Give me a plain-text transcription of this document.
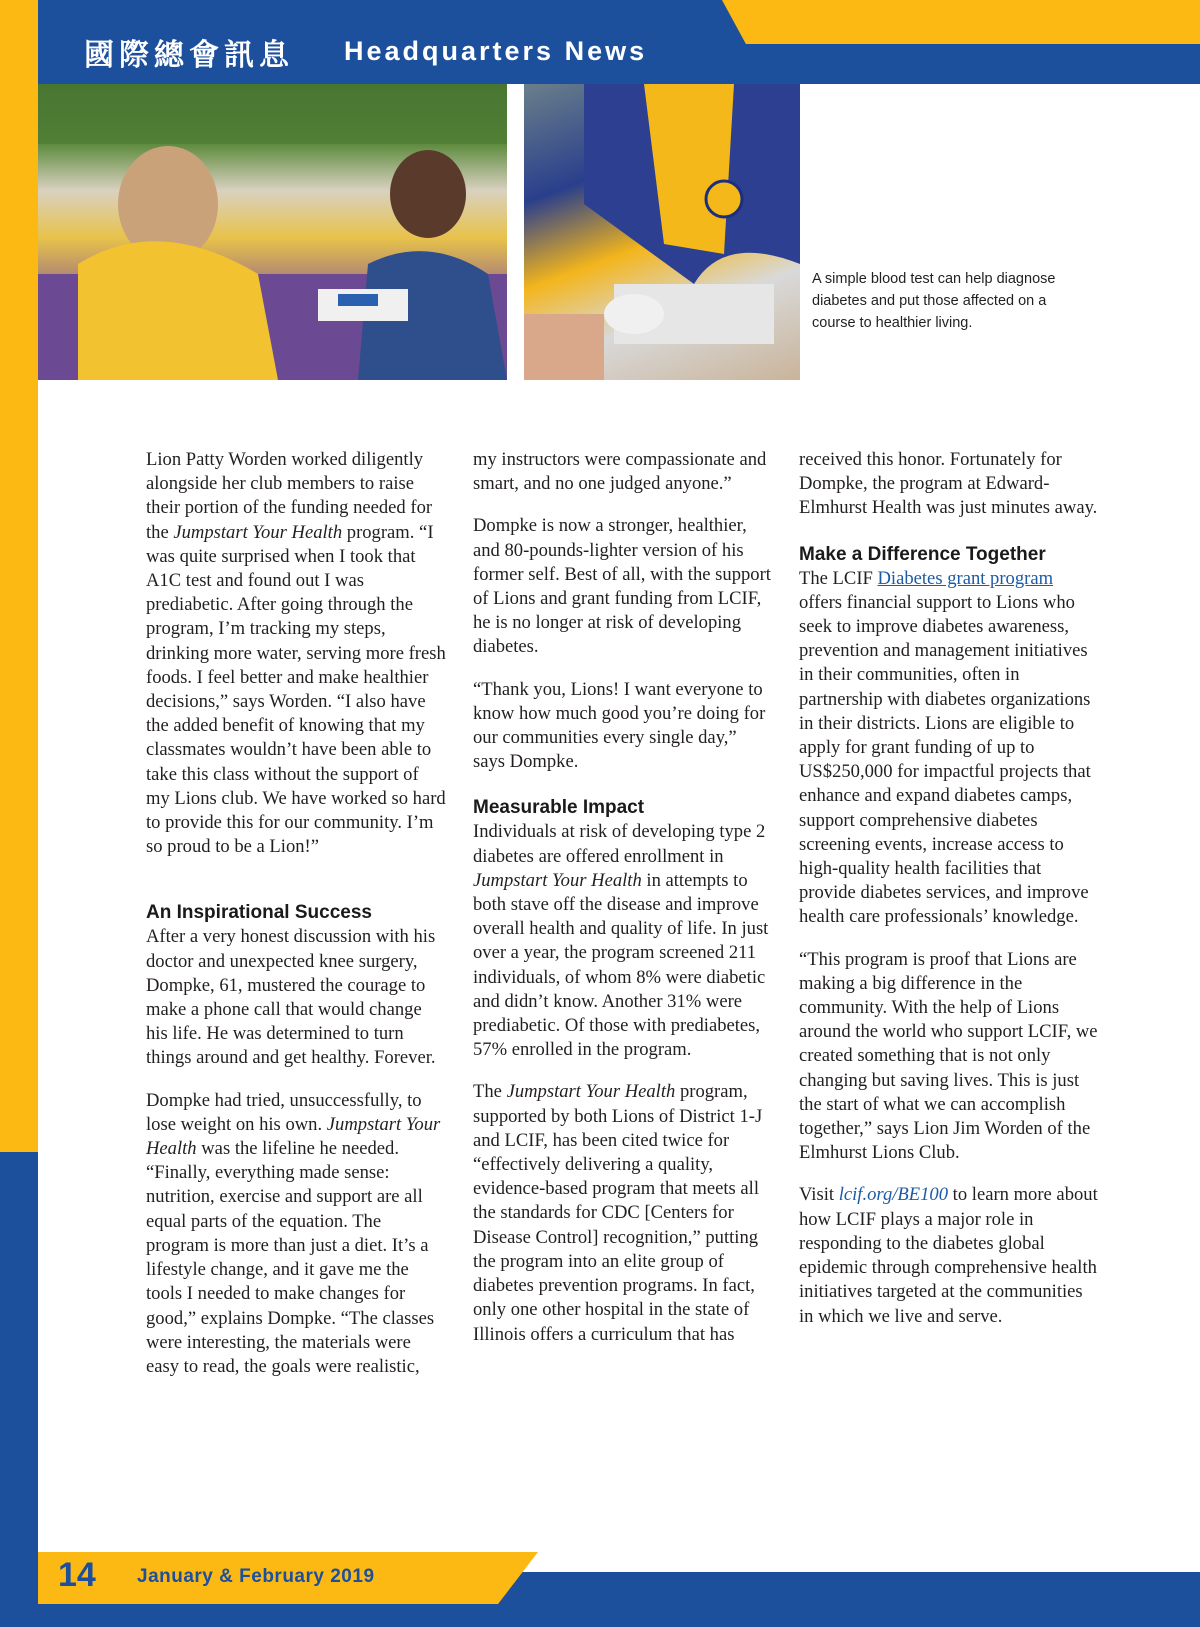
國際總會訊息 Headquarters News
A simple blood test can help diagnose diabetes and put those affected on a course to healthier living.

Lion Patty Worden worked diligently alongside her club members to raise their portion of the funding needed for the Jumpstart Your Health program. “I was quite surprised when I took that A1C test and found out I was prediabetic. After going through the program, I’m tracking my steps, drinking more water, serving more fresh foods. I feel better and make healthier decisions,” says Worden. “I also have the added benefit of knowing that my classmates wouldn’t have been able to take this class without the support of my Lions club. We have worked so hard to provide this for our community. I’m so proud to be a Lion!”

An Inspirational Success

After a very honest discussion with his doctor and unexpected knee surgery, Dompke, 61, mustered the courage to make a phone call that would change his life. He was determined to turn things around and get healthy. Forever.

Dompke had tried, unsuccessfully, to lose weight on his own. Jumpstart Your Health was the lifeline he needed. “Finally, everything made sense: nutrition, exercise and support are all equal parts of the equation. The program is more than just a diet. It’s a lifestyle change, and it gave me the tools I needed to make changes for good,” explains Dompke. “The classes were interesting, the materials were easy to read, the goals were realistic,

my instructors were compassionate and smart, and no one judged anyone.”

Dompke is now a stronger, healthier, and 80-pounds-lighter version of his former self. Best of all, with the support of Lions and grant funding from LCIF, he is no longer at risk of developing diabetes.

“Thank you, Lions! I want everyone to know how much good you’re doing for our communities every single day,” says Dompke.

Measurable Impact

Individuals at risk of developing type 2 diabetes are offered enrollment in Jumpstart Your Health in attempts to both stave off the disease and improve overall health and quality of life. In just over a year, the program screened 211 individuals, of whom 8% were diabetic and didn’t know. Another 31% were prediabetic. Of those with prediabetes, 57% enrolled in the program.

The Jumpstart Your Health program, supported by both Lions of District 1-J and LCIF, has been cited twice for “effectively delivering a quality, evidence-based program that meets all the standards for CDC [Centers for Disease Control] recognition,” putting the program into an elite group of diabetes prevention programs. In fact, only one other hospital in the state of Illinois offers a curriculum that has

received this honor. Fortunately for Dompke, the program at Edward-Elmhurst Health was just minutes away.

Make a Difference Together

The LCIF Diabetes grant program offers financial support to Lions who seek to improve diabetes awareness, prevention and management initiatives in their communities, often in partnership with diabetes organizations in their districts. Lions are eligible to apply for grant funding of up to US$250,000 for impactful projects that enhance and expand diabetes camps, support comprehensive diabetes screening events, increase access to high-quality health facilities that provide diabetes services, and improve health care professionals’ knowledge.

“This program is proof that Lions are making a big difference in the community. With the help of Lions around the world who support LCIF, we created something that is not only changing but saving lives. This is just the start of what we can accomplish together,” says Lion Jim Worden of the Elmhurst Lions Club.

Visit lcif.org/BE100 to learn more about how LCIF plays a major role in responding to the diabetes global epidemic through comprehensive health initiatives targeted at the communities in which we live and serve.

14 January & February 2019
